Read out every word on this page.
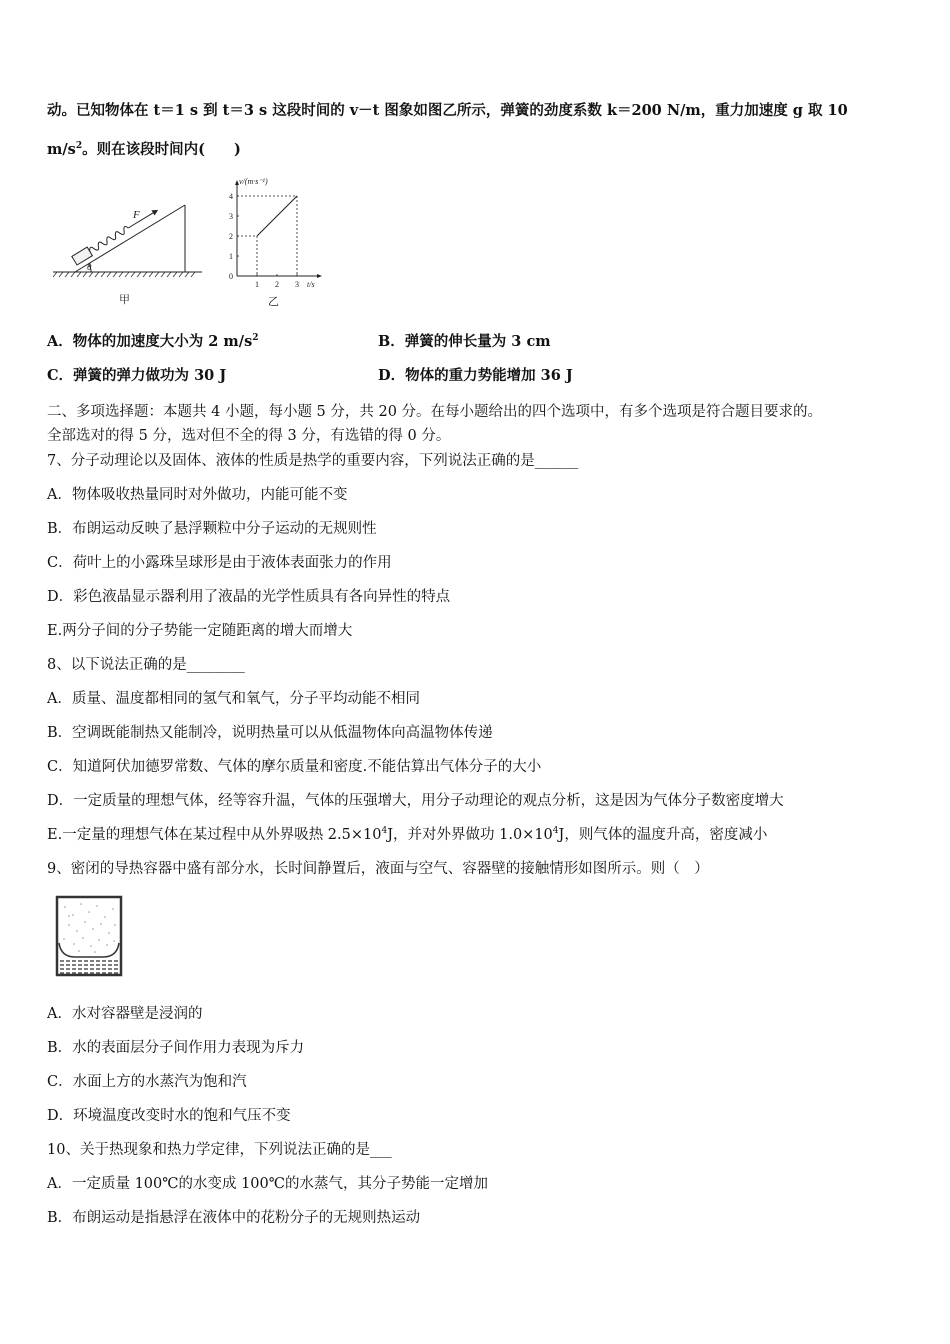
动。已知物体在 t＝1 s 到 t＝3 s 这段时间的 v－t 图象如图乙所示，弹簧的劲度系数 k＝200 N/m，重力加速度 g 取 10
$m/s^2$。则在该段时间内(　　)
F
θ
甲
v/(m·s⁻¹)
t/s
4
3
2
1
0
1 2 3
乙
A．物体的加速度大小为 2 $m/s^2$	B．弹簧的伸长量为 3 cm
C．弹簧的弹力做功为 30 J	D．物体的重力势能增加 36 J
二、多项选择题：本题共 4 小题，每小题 5 分，共 20 分。在每小题给出的四个选项中，有多个选项是符合题目要求的。
全部选对的得 5 分，选对但不全的得 3 分，有选错的得 0 分。
7、分子动理论以及固体、液体的性质是热学的重要内容，下列说法正确的是______
A．物体吸收热量同时对外做功，内能可能不变
B．布朗运动反映了悬浮颗粒中分子运动的无规则性
C．荷叶上的小露珠呈球形是由于液体表面张力的作用
D．彩色液晶显示器利用了液晶的光学性质具有各向异性的特点
E.两分子间的分子势能一定随距离的增大而增大
8、以下说法正确的是________
A．质量、温度都相同的氢气和氧气，分子平均动能不相同
B．空调既能制热又能制冷，说明热量可以从低温物体向高温物体传递
C．知道阿伏加德罗常数、气体的摩尔质量和密度.不能估算出气体分子的大小
D．一定质量的理想气体，经等容升温，气体的压强增大，用分子动理论的观点分析，这是因为气体分子数密度增大
E.一定量的理想气体在某过程中从外界吸热 $2.5\times 10^4J$，并对外界做功 $1.0\times 10^4J$，则气体的温度升高，密度减小
9、密闭的导热容器中盛有部分水，长时间静置后，液面与空气、容器壁的接触情形如图所示。则（　）
A．水对容器壁是浸润的
B．水的表面层分子间作用力表现为斥力
C．水面上方的水蒸汽为饱和汽
D．环境温度改变时水的饱和气压不变
10、关于热现象和热力学定律，下列说法正确的是___
A．一定质量 100℃的水变成 100℃的水蒸气，其分子势能一定增加
B．布朗运动是指悬浮在液体中的花粉分子的无规则热运动
